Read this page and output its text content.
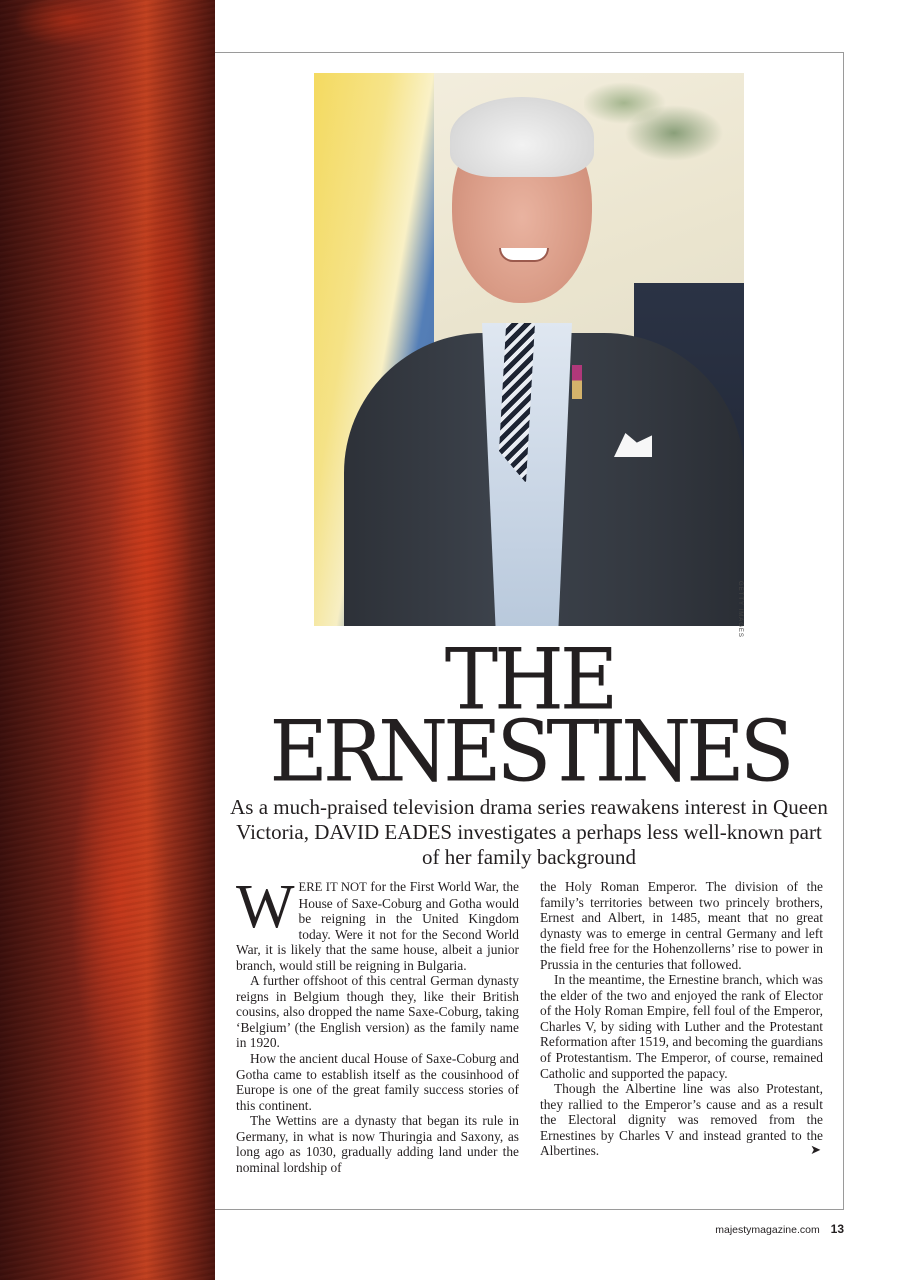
GETTY IMAGES
THE
ERNESTINES

As a much-praised television drama series reawakens interest in Queen Victoria, DAVID EADES investigates a perhaps less well-known part of her family background

WERE IT NOT for the First World War, the House of Saxe-Coburg and Gotha would be reigning in the United Kingdom today. Were it not for the Second World War, it is likely that the same house, albeit a junior branch, would still be reigning in Bulgaria.

A further offshoot of this central German dynasty reigns in Belgium though they, like their British cousins, also dropped the name Saxe-Coburg, taking ‘Belgium’ (the English version) as the family name in 1920.

How the ancient ducal House of Saxe-Coburg and Gotha came to establish itself as the cousinhood of Europe is one of the great family success stories of this continent.

The Wettins are a dynasty that began its rule in Germany, in what is now Thuringia and Saxony, as long ago as 1030, gradually adding land under the nominal lordship of

the Holy Roman Emperor. The division of the family’s territories between two princely brothers, Ernest and Albert, in 1485, meant that no great dynasty was to emerge in central Germany and left the field free for the Hohenzollerns’ rise to power in Prussia in the centuries that followed.

In the meantime, the Ernestine branch, which was the elder of the two and enjoyed the rank of Elector of the Holy Roman Empire, fell foul of the Emperor, Charles V, by siding with Luther and the Protestant Reformation after 1519, and becoming the guardians of Protestantism. The Emperor, of course, remained Catholic and supported the papacy.

Though the Albertine line was also Protestant, they rallied to the Emperor’s cause and as a result the Electoral dignity was removed from the Ernestines by Charles V and instead granted to the Albertines.	➤

majestymagazine.com 13
